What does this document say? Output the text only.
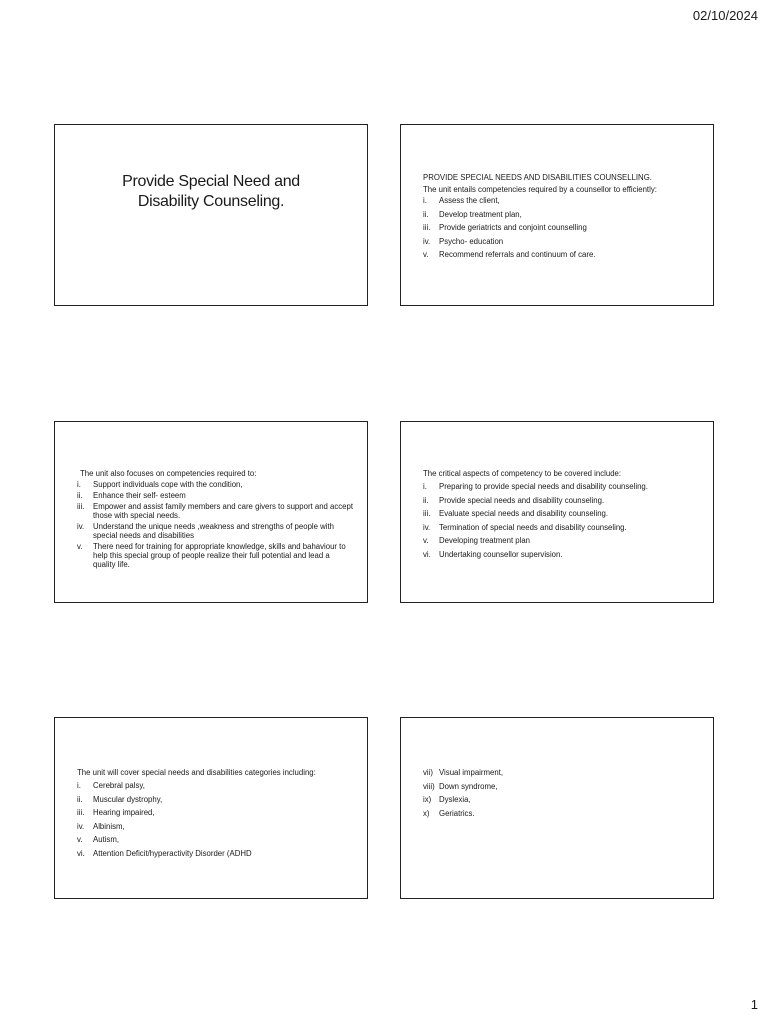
02/10/2024
Provide Special Need and
Disability Counseling.
PROVIDE SPECIAL NEEDS AND DISABILITIES COUNSELLING.
The unit entails competencies required by a counsellor to efficiently:
i.	Assess the client,
ii.	Develop treatment plan,
iii.	Provide geriatricts and conjoint counselling
iv.	Psycho- education
v.	Recommend referrals and continuum of care.
The unit also focuses on competencies required to:
i.	Support individuals cope with the condition,
ii.	Enhance their self- esteem
iii.	Empower and assist family members and care givers to support and accept those with special needs.
iv.	Understand the unique needs ,weakness and strengths of people with special needs and disabilities
v.	There need for training for appropriate knowledge, skills and bahaviour to help this special group of people realize their full potential and lead a quality life.
The critical aspects of competency to be covered include:
i.	Preparing to provide special needs and disability counseling.
ii.	Provide special needs and disability counseling.
iii.	Evaluate special needs and disability counseling.
iv.	Termination of special needs and disability counseling.
v.	Developing treatment plan
vi.	Undertaking counsellor supervision.
The unit will cover special needs and disabilities categories including:
i.	Cerebral palsy,
ii.	Muscular dystrophy,
iii.	Hearing impaired,
iv.	Albinism,
v.	Autism,
vi.	Attention Deficit/hyperactivity Disorder (ADHD
vii) Visual impairment,
viii) Down syndrome,
ix) Dyslexia,
x)	Geriatrics.
1
